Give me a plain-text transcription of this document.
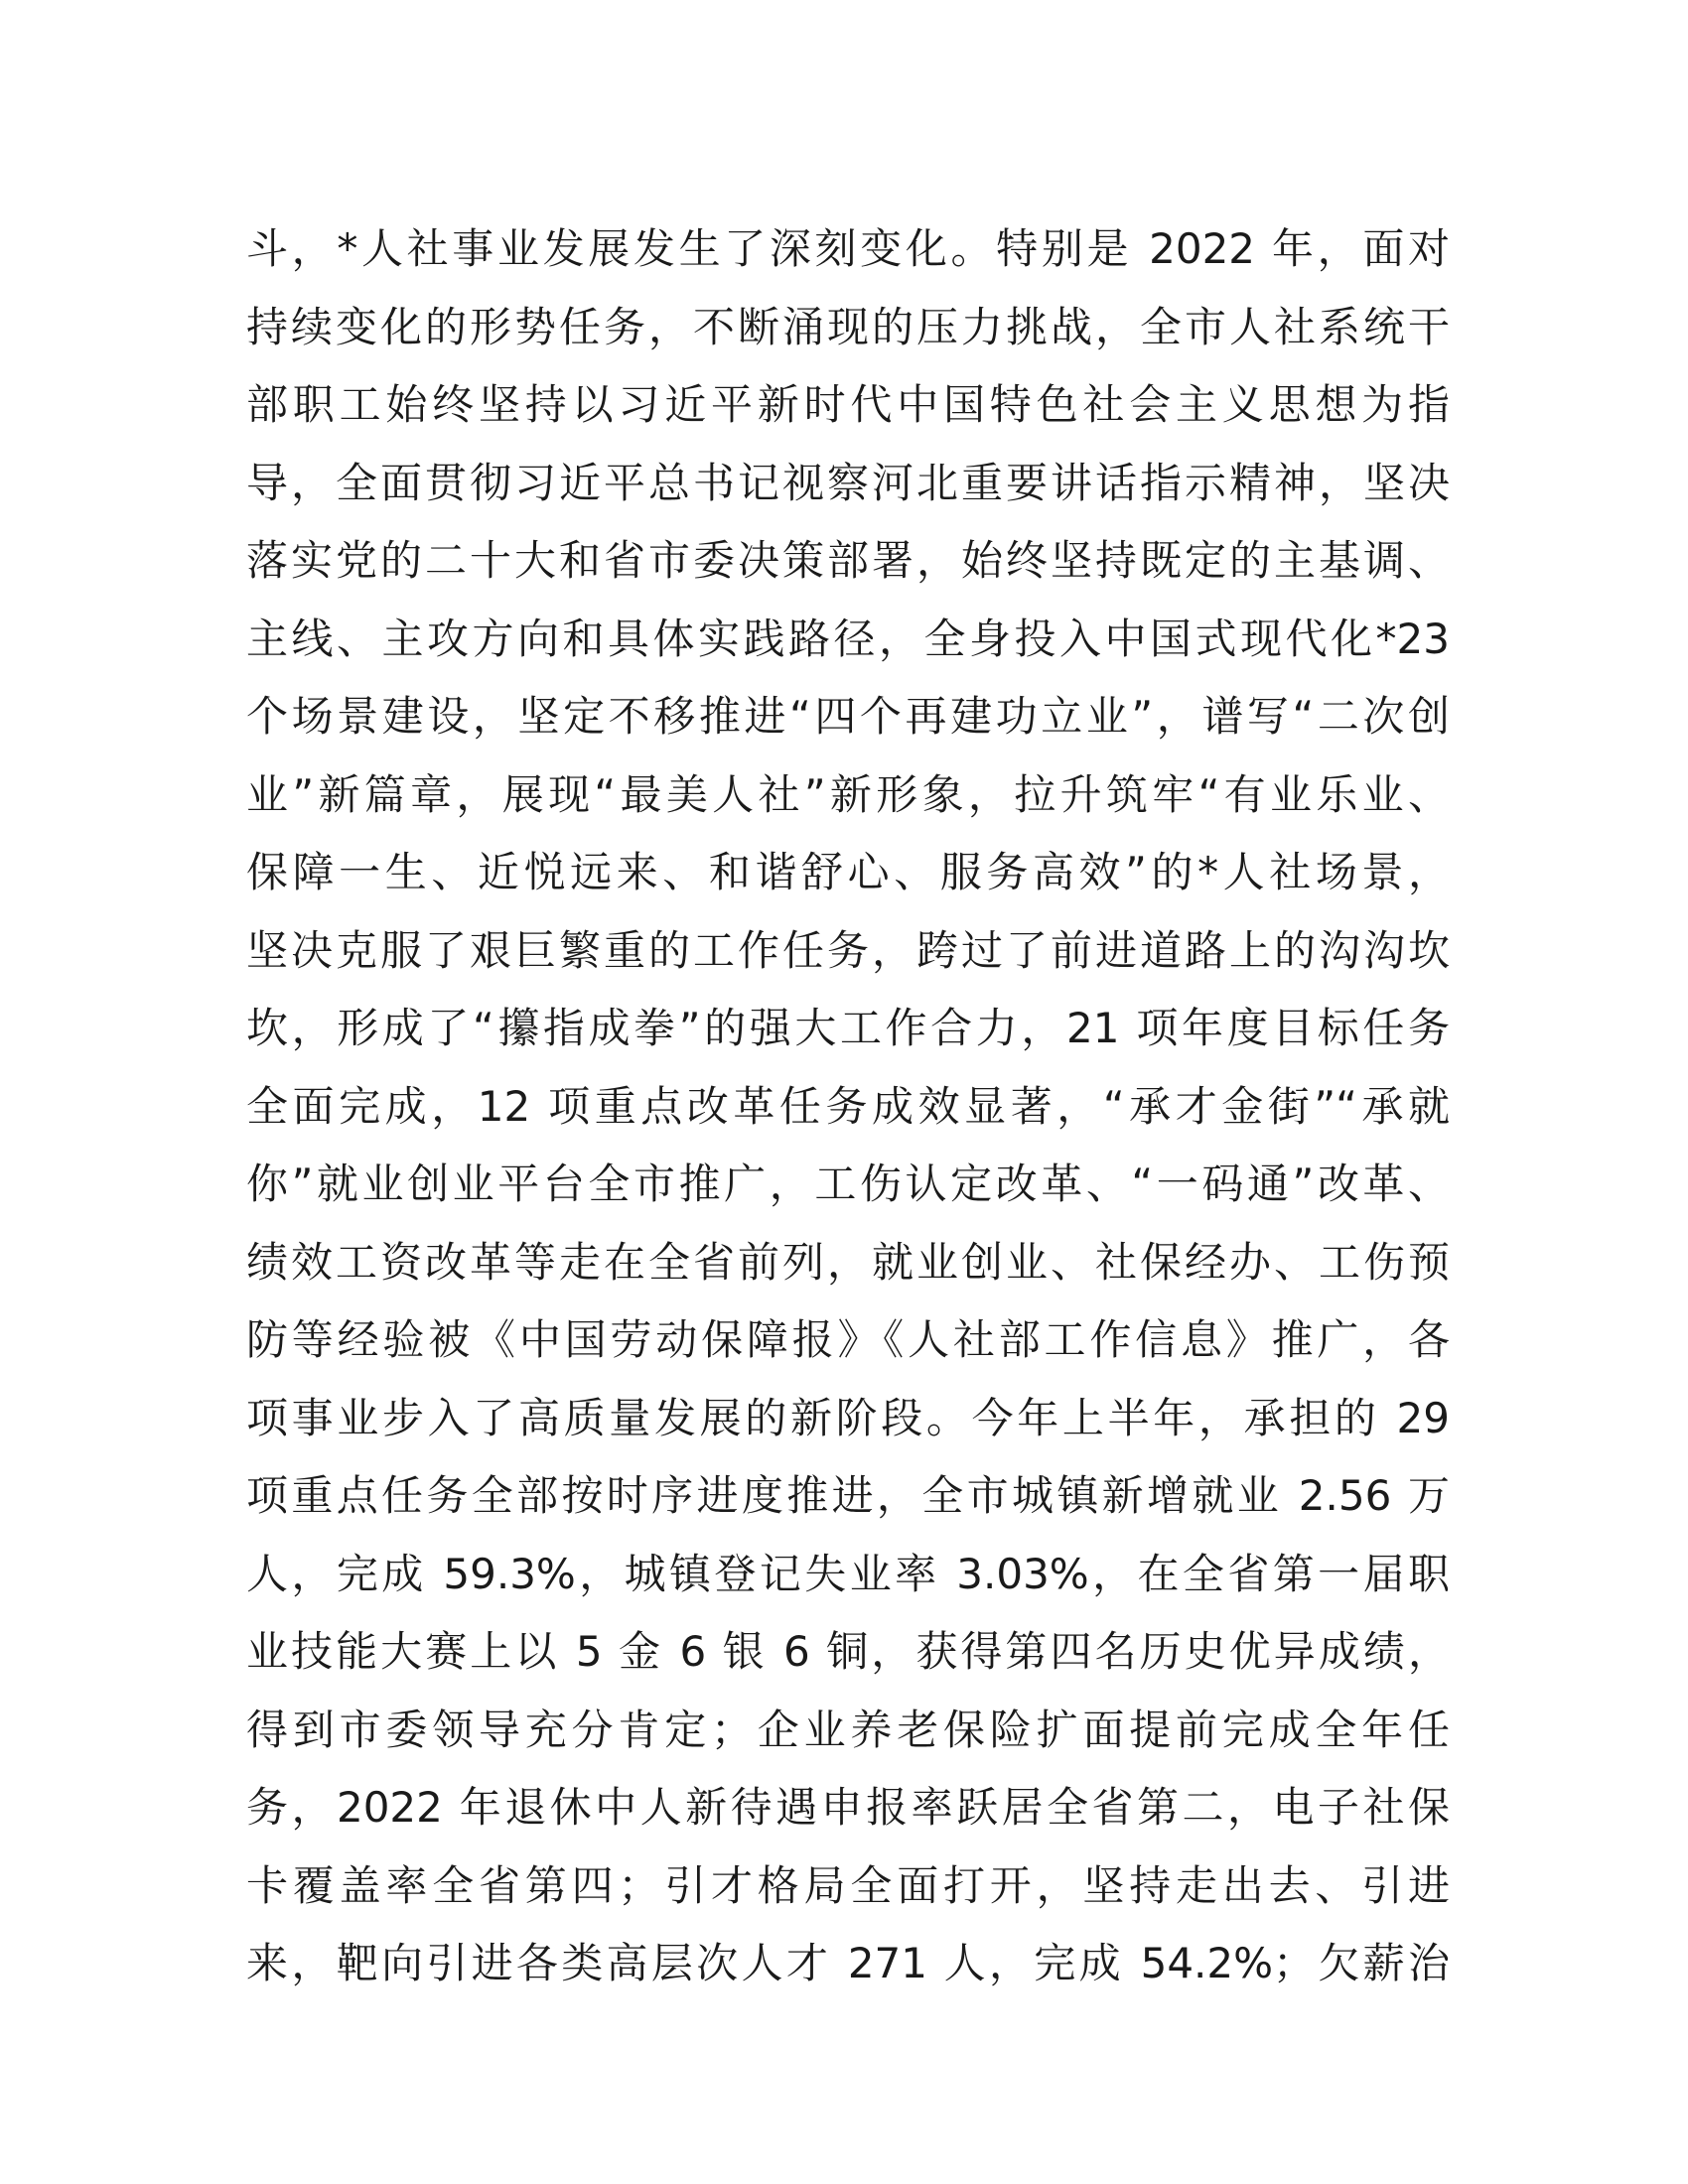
斗，*人社事业发展发生了深刻变化。特别是 2022 年，面对
持续变化的形势任务，不断涌现的压力挑战，全市人社系统干
部职工始终坚持以习近平新时代中国特色社会主义思想为指
导，全面贯彻习近平总书记视察河北重要讲话指示精神，坚决
落实党的二十大和省市委决策部署，始终坚持既定的主基调、
主线、主攻方向和具体实践路径，全身投入中国式现代化*23
个场景建设，坚定不移推进“四个再建功立业”，谱写“二次创
业”新篇章，展现“最美人社”新形象，拉升筑牢“有业乐业、
保障一生、近悦远来、和谐舒心、服务高效”的*人社场景，
坚决克服了艰巨繁重的工作任务，跨过了前进道路上的沟沟坎
坎，形成了“攥指成拳”的强大工作合力，21 项年度目标任务
全面完成，12 项重点改革任务成效显著，“承才金街”“承就
你”就业创业平台全市推广，工伤认定改革、“一码通”改革、
绩效工资改革等走在全省前列，就业创业、社保经办、工伤预
防等经验被《中国劳动保障报》《人社部工作信息》推广，各
项事业步入了高质量发展的新阶段。今年上半年，承担的 29
项重点任务全部按时序进度推进，全市城镇新增就业 2.56 万
人，完成 59.3%，城镇登记失业率 3.03%，在全省第一届职
业技能大赛上以 5 金 6 银 6 铜，获得第四名历史优异成绩，
得到市委领导充分肯定；企业养老保险扩面提前完成全年任
务，2022 年退休中人新待遇申报率跃居全省第二，电子社保
卡覆盖率全省第四；引才格局全面打开，坚持走出去、引进
来，靶向引进各类高层次人才 271 人，完成 54.2%；欠薪治
